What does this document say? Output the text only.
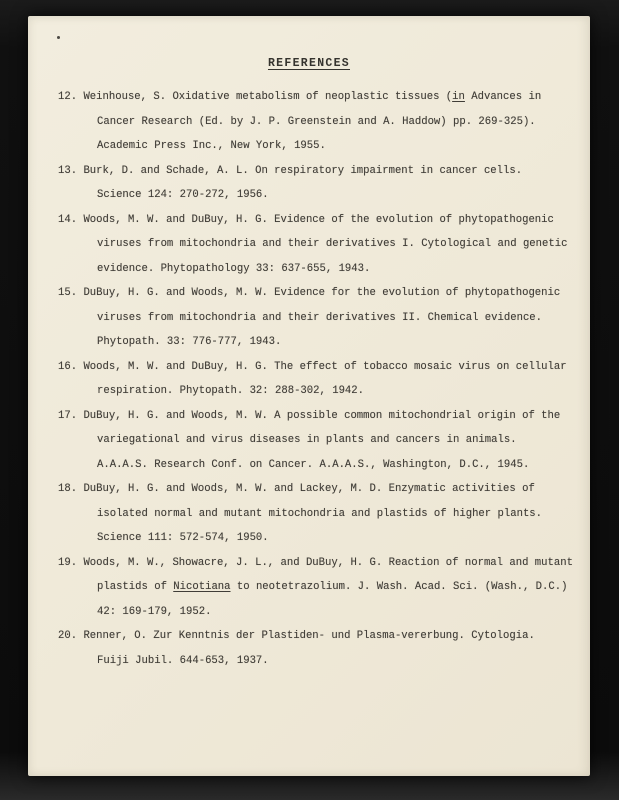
REFERENCES
12. Weinhouse, S. Oxidative metabolism of neoplastic tissues (in Advances in
Cancer Research (Ed. by J. P. Greenstein and A. Haddow) pp. 269-325).
Academic Press Inc., New York, 1955.
13. Burk, D. and Schade, A. L. On respiratory impairment in cancer cells.
Science 124: 270-272, 1956.
14. Woods, M. W. and DuBuy, H. G. Evidence of the evolution of phytopathogenic
viruses from mitochondria and their derivatives I. Cytological and genetic
evidence. Phytopathology 33: 637-655, 1943.
15. DuBuy, H. G. and Woods, M. W. Evidence for the evolution of phytopathogenic
viruses from mitochondria and their derivatives II. Chemical evidence.
Phytopath. 33: 776-777, 1943.
16. Woods, M. W. and DuBuy, H. G. The effect of tobacco mosaic virus on cellular
respiration. Phytopath. 32: 288-302, 1942.
17. DuBuy, H. G. and Woods, M. W. A possible common mitochondrial origin of the
variegational and virus diseases in plants and cancers in animals.
A.A.A.S. Research Conf. on Cancer. A.A.A.S., Washington, D.C., 1945.
18. DuBuy, H. G. and Woods, M. W. and Lackey, M. D. Enzymatic activities of
isolated normal and mutant mitochondria and plastids of higher plants.
Science 111: 572-574, 1950.
19. Woods, M. W., Showacre, J. L., and DuBuy, H. G. Reaction of normal and mutant
plastids of Nicotiana to neotetrazolium. J. Wash. Acad. Sci. (Wash., D.C.)
42: 169-179, 1952.
20. Renner, O. Zur Kenntnis der Plastiden- und Plasma-vererbung. Cytologia.
Fuiji Jubil. 644-653, 1937.
